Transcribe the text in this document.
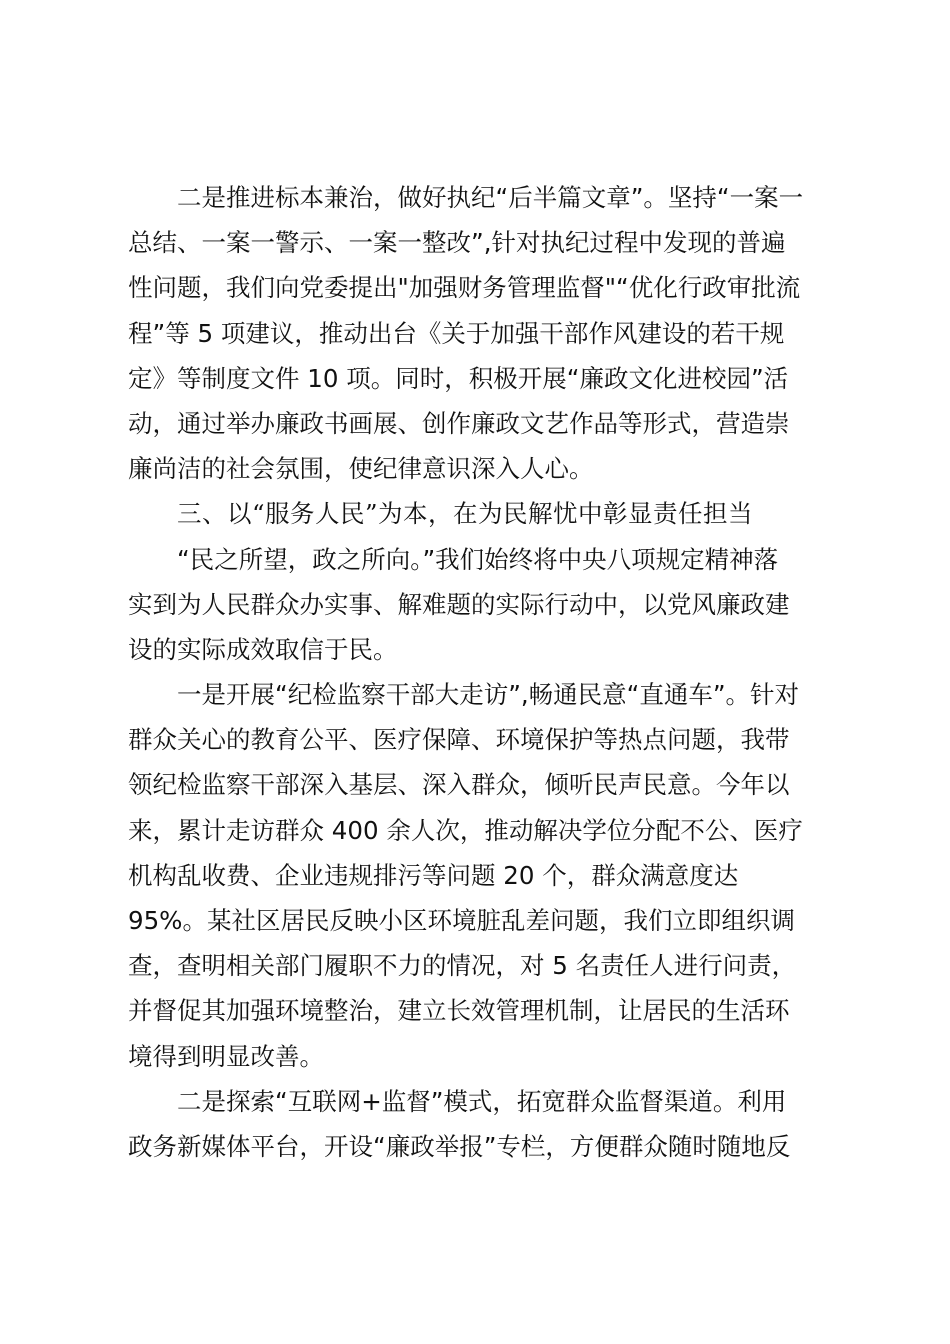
二是推进标本兼治，做好执纪“后半篇文章”。坚持“一案一
总结、一案一警示、一案一整改”,针对执纪过程中发现的普遍
性问题，我们向党委提出"加强财务管理监督"“优化行政审批流
程”等 5 项建议，推动出台《关于加强干部作风建设的若干规
定》等制度文件 10 项。同时，积极开展“廉政文化进校园”活
动，通过举办廉政书画展、创作廉政文艺作品等形式，营造崇
廉尚洁的社会氛围，使纪律意识深入人心。
三、以“服务人民”为本，在为民解忧中彰显责任担当
“民之所望，政之所向。”我们始终将中央八项规定精神落
实到为人民群众办实事、解难题的实际行动中，以党风廉政建
设的实际成效取信于民。
一是开展“纪检监察干部大走访”,畅通民意“直通车”。针对
群众关心的教育公平、医疗保障、环境保护等热点问题，我带
领纪检监察干部深入基层、深入群众，倾听民声民意。今年以
来，累计走访群众 400 余人次，推动解决学位分配不公、医疗
机构乱收费、企业违规排污等问题 20 个，群众满意度达
95%。某社区居民反映小区环境脏乱差问题，我们立即组织调
查，查明相关部门履职不力的情况，对 5 名责任人进行问责，
并督促其加强环境整治，建立长效管理机制，让居民的生活环
境得到明显改善。
二是探索“互联网+监督”模式，拓宽群众监督渠道。利用
政务新媒体平台，开设“廉政举报”专栏，方便群众随时随地反
